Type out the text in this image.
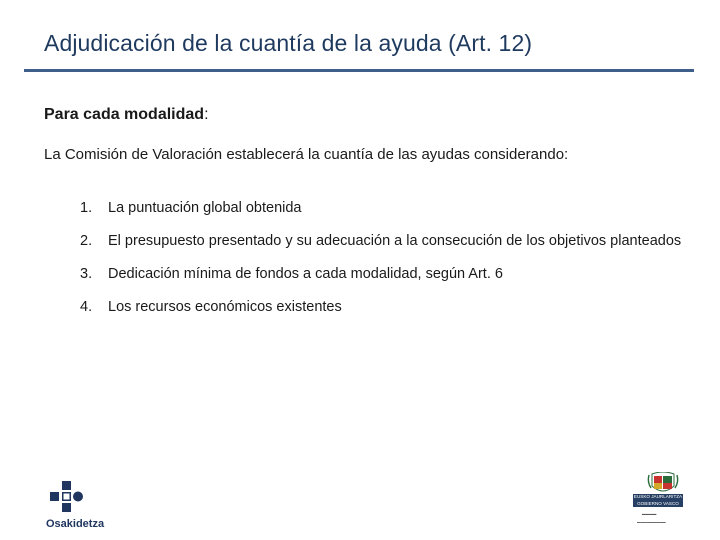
Adjudicación de la cuantía de la ayuda (Art. 12)
Para cada modalidad:
La Comisión de Valoración establecerá la cuantía de las ayudas considerando:
1. La puntuación global obtenida
2. El presupuesto presentado y su adecuación a la consecución de los objetivos planteados
3. Dedicación mínima de fondos a cada modalidad, según Art. 6
4. Los recursos económicos existentes
Osakidetza
EUSKO JAURLARITZA
GOBIERNO VASCO
▬▬▬▬
▬▬▬▬▬▬▬▬▬
